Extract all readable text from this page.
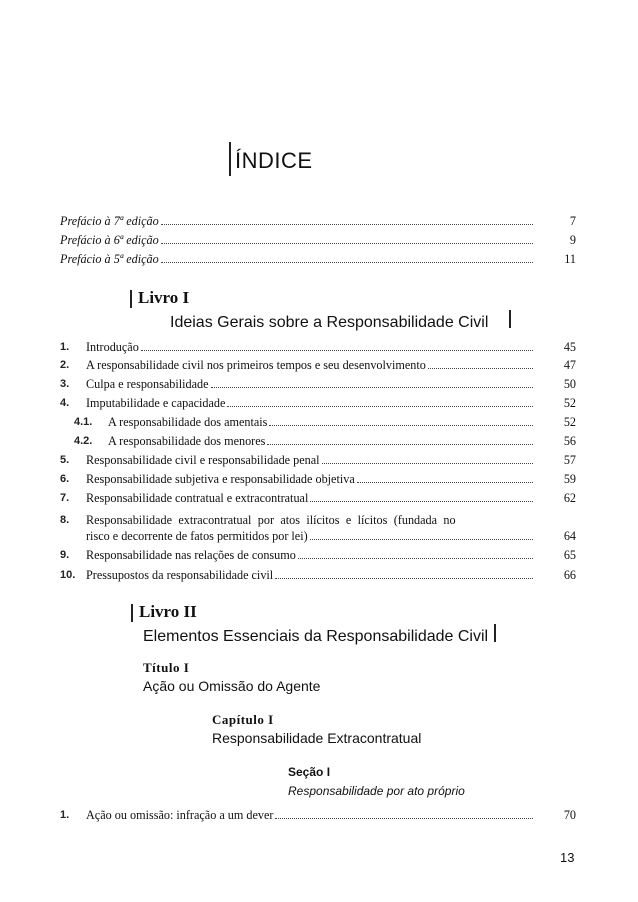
ÍNDICE
Prefácio à 7ª edição	7
Prefácio à 6ª edição	9
Prefácio à 5ª edição	11
Livro I
Ideias Gerais sobre a Responsabilidade Civil
1.	Introdução	45
2.	A responsabilidade civil nos primeiros tempos e seu desenvolvimento	47
3.	Culpa e responsabilidade	50
4.	Imputabilidade e capacidade	52
4.1. A responsabilidade dos amentais	52
4.2. A responsabilidade dos menores	56
5.	Responsabilidade civil e responsabilidade penal	57
6.	Responsabilidade subjetiva e responsabilidade objetiva	59
7.	Responsabilidade contratual e extracontratual	62
8.	Responsabilidade extracontratual por atos ilícitos e lícitos (fundada no
risco e decorrente de fatos permitidos por lei)	64
9.	Responsabilidade nas relações de consumo	65
10. Pressupostos da responsabilidade civil	66
Livro II
Elementos Essenciais da Responsabilidade Civil
Título I
Ação ou Omissão do Agente
Capítulo I
Responsabilidade Extracontratual
Seção I
Responsabilidade por ato próprio
1.	Ação ou omissão: infração a um dever	70
13
